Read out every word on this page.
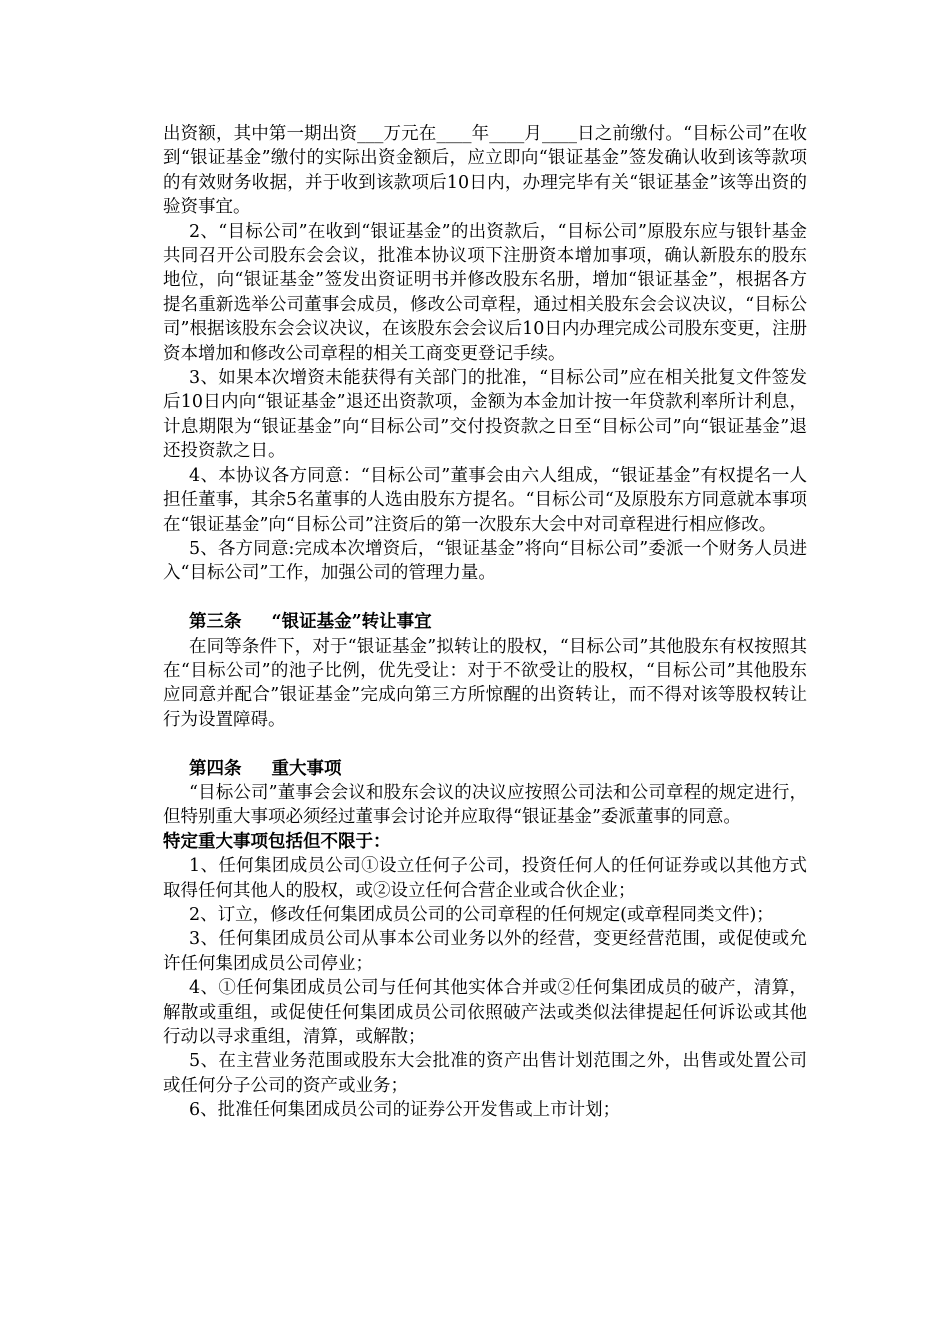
出资额，其中第一期出资___万元在____年____月____日之前缴付。“目标公司”在收到“银证基金”缴付的实际出资金额后，应立即向“银证基金”签发确认收到该等款项的有效财务收据，并于收到该款项后10日内，办理完毕有关“银证基金”该等出资的验资事宜。

2、“目标公司”在收到“银证基金”的出资款后，“目标公司”原股东应与银针基金共同召开公司股东会会议，批准本协议项下注册资本增加事项，确认新股东的股东地位，向“银证基金”签发出资证明书并修改股东名册，增加“银证基金”，根据各方提名重新选举公司董事会成员，修改公司章程，通过相关股东会会议决议，“目标公司”根据该股东会会议决议，在该股东会会议后10日内办理完成公司股东变更，注册资本增加和修改公司章程的相关工商变更登记手续。

3、如果本次增资未能获得有关部门的批准，“目标公司”应在相关批复文件签发后10日内向“银证基金”退还出资款项，金额为本金加计按一年贷款利率所计利息，计息期限为“银证基金”向“目标公司”交付投资款之日至“目标公司”向“银证基金”退还投资款之日。

4、本协议各方同意：“目标公司”董事会由六人组成，“银证基金”有权提名一人担任董事，其余5名董事的人选由股东方提名。“目标公司“及原股东方同意就本事项在“银证基金”向“目标公司”注资后的第一次股东大会中对司章程进行相应修改。

5、各方同意:完成本次增资后，“银证基金”将向“目标公司”委派一个财务人员进入“目标公司”工作，加强公司的管理力量。

第三条 “银证基金”转让事宜

在同等条件下，对于“银证基金”拟转让的股权，“目标公司”其他股东有权按照其在“目标公司”的池子比例，优先受让：对于不欲受让的股权，“目标公司”其他股东应同意并配合”银证基金”完成向第三方所惊醒的出资转让，而不得对该等股权转让行为设置障碍。

第四条 重大事项

“目标公司”董事会会议和股东会议的决议应按照公司法和公司章程的规定进行，但特别重大事项必须经过董事会讨论并应取得“银证基金”委派董事的同意。

特定重大事项包括但不限于：

1、任何集团成员公司①设立任何子公司，投资任何人的任何证券或以其他方式取得任何其他人的股权，或②设立任何合营企业或合伙企业；

2、订立，修改任何集团成员公司的公司章程的任何规定(或章程同类文件)；

3、任何集团成员公司从事本公司业务以外的经营，变更经营范围，或促使或允许任何集团成员公司停业；

4、①任何集团成员公司与任何其他实体合并或②任何集团成员的破产，清算，解散或重组，或促使任何集团成员公司依照破产法或类似法律提起任何诉讼或其他行动以寻求重组，清算，或解散；

5、在主营业务范围或股东大会批准的资产出售计划范围之外，出售或处置公司或任何分子公司的资产或业务；

6、批准任何集团成员公司的证券公开发售或上市计划；
